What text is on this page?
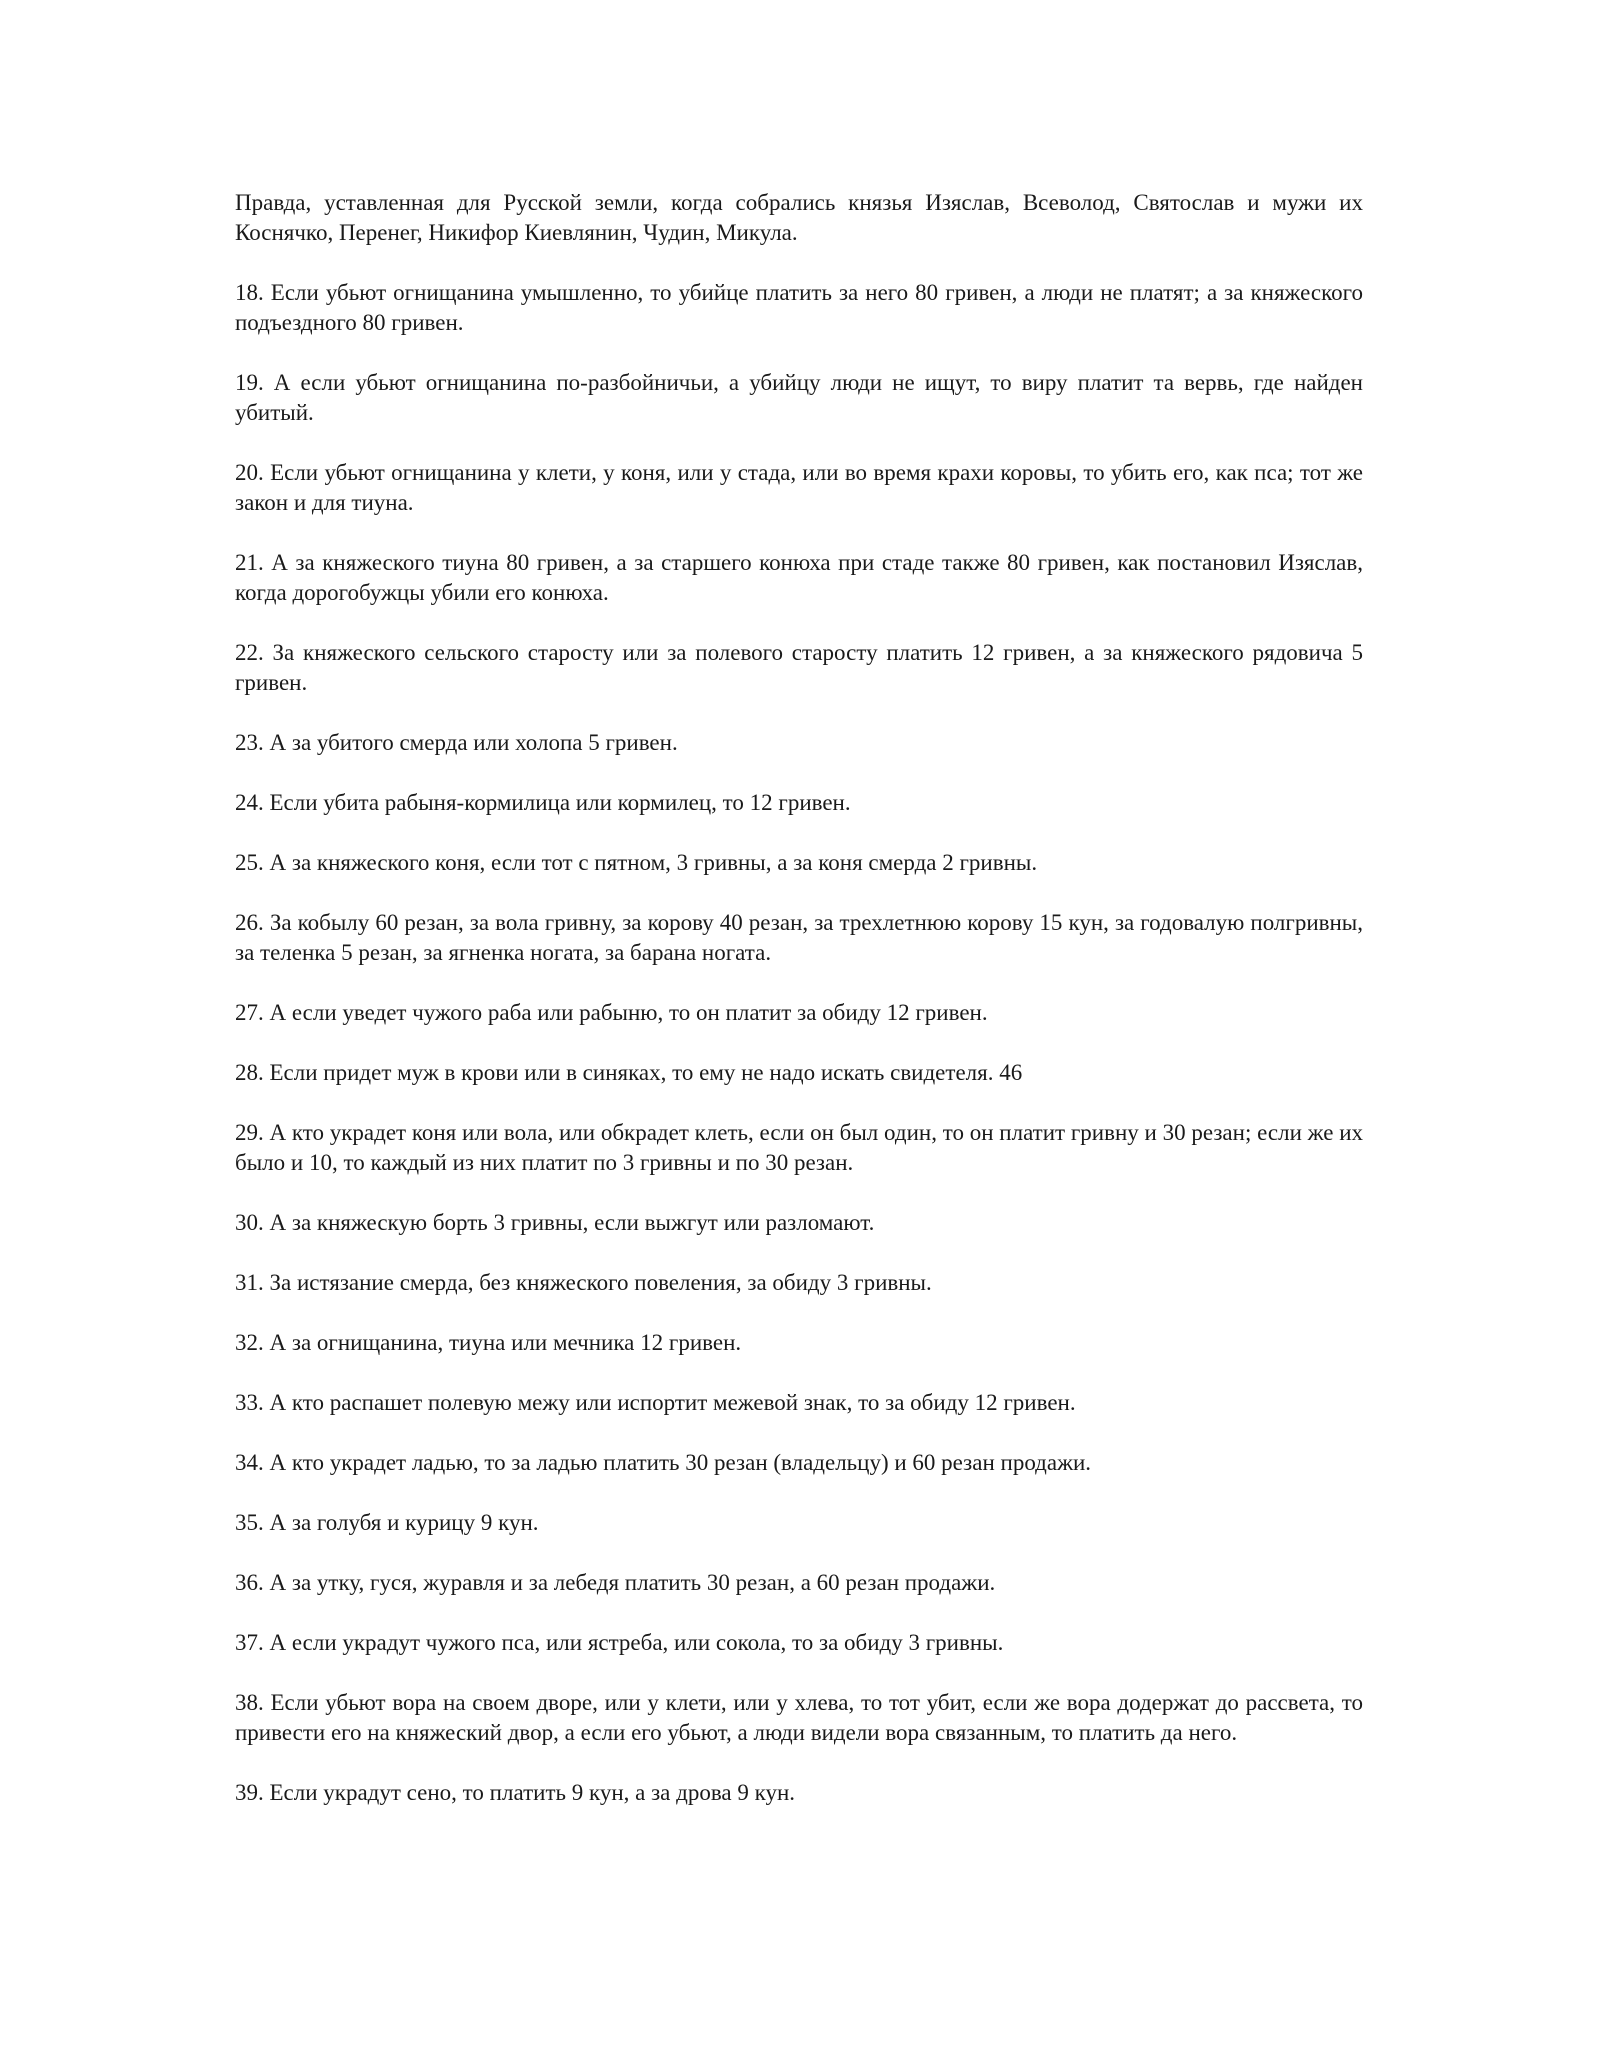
Правда, уставленная для Русской земли, когда собрались князья Изяслав, Всеволод, Святослав и мужи их Коснячко, Перенег, Никифор Киевлянин, Чудин, Микула.

18. Если убьют огнищанина умышленно, то убийце платить за него 80 гривен, а люди не платят; а за княжеского подъездного 80 гривен.

19. А если убьют огнищанина по-разбойничьи, а убийцу люди не ищут, то виру платит та вервь, где найден убитый.

20. Если убьют огнищанина у клети, у коня, или у стада, или во время крахи коровы, то убить его, как пса; тот же закон и для тиуна.

21. А за княжеского тиуна 80 гривен, а за старшего конюха при стаде также 80 гривен, как постановил Изяслав, когда дорогобужцы убили его конюха.

22. За княжеского сельского старосту или за полевого старосту платить 12 гривен, а за княжеского рядовича 5 гривен.

23. А за убитого смерда или холопа 5 гривен.

24. Если убита рабыня-кормилица или кормилец, то 12 гривен.

25. А за княжеского коня, если тот с пятном, 3 гривны, а за коня смерда 2 гривны.

26. За кобылу 60 резан, за вола гривну, за корову 40 резан, за трехлетнюю корову 15 кун, за годовалую полгривны, за теленка 5 резан, за ягненка ногата, за барана ногата.

27. А если уведет чужого раба или рабыню, то он платит за обиду 12 гривен.

28. Если придет муж в крови или в синяках, то ему не надо искать свидетеля. 46

29. А кто украдет коня или вола, или обкрадет клеть, если он был один, то он платит гривну и 30 резан; если же их было и 10, то каждый из них платит по 3 гривны и по 30 резан.

30. А за княжескую борть 3 гривны, если выжгут или разломают.

31. За истязание смерда, без княжеского повеления, за обиду 3 гривны.

32. А за огнищанина, тиуна или мечника 12 гривен.

33. А кто распашет полевую межу или испортит межевой знак, то за обиду 12 гривен.

34. А кто украдет ладью, то за ладью платить 30 резан (владельцу) и 60 резан продажи.

35. А за голубя и курицу 9 кун.

36. А за утку, гуся, журавля и за лебедя платить 30 резан, а 60 резан продажи.

37. А если украдут чужого пса, или ястреба, или сокола, то за обиду 3 гривны.

38. Если убьют вора на своем дворе, или у клети, или у хлева, то тот убит, если же вора додержат до рассвета, то привести его на княжеский двор, а если его убьют, а люди видели вора связанным, то платить да него.

39. Если украдут сено, то платить 9 кун, а за дрова 9 кун.
